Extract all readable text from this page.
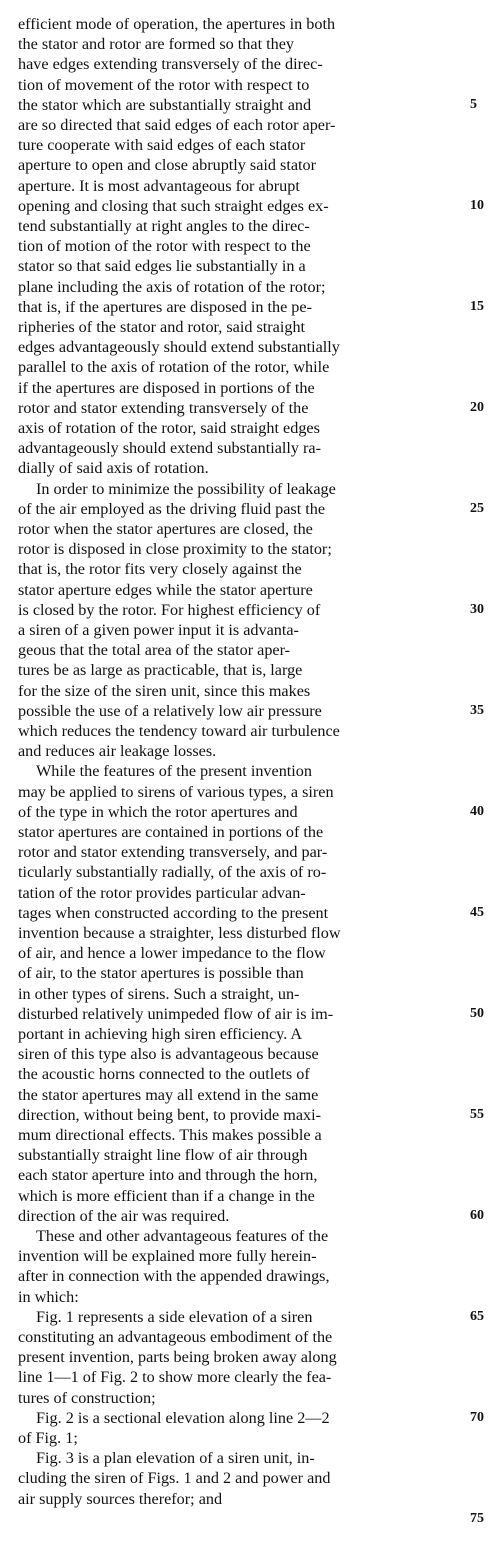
efficient mode of operation, the apertures in both
the stator and rotor are formed so that they
have edges extending transversely of the direc-
tion of movement of the rotor with respect to
the stator which are substantially straight and
are so directed that said edges of each rotor aper-
ture cooperate with said edges of each stator
aperture to open and close abruptly said stator
aperture. It is most advantageous for abrupt
opening and closing that such straight edges ex-
tend substantially at right angles to the direc-
tion of motion of the rotor with respect to the
stator so that said edges lie substantially in a
plane including the axis of rotation of the rotor;
that is, if the apertures are disposed in the pe-
ripheries of the stator and rotor, said straight
edges advantageously should extend substantially
parallel to the axis of rotation of the rotor, while
if the apertures are disposed in portions of the
rotor and stator extending transversely of the
axis of rotation of the rotor, said straight edges
advantageously should extend substantially ra-
dially of said axis of rotation.
In order to minimize the possibility of leakage
of the air employed as the driving fluid past the
rotor when the stator apertures are closed, the
rotor is disposed in close proximity to the stator;
that is, the rotor fits very closely against the
stator aperture edges while the stator aperture
is closed by the rotor. For highest efficiency of
a siren of a given power input it is advanta-
geous that the total area of the stator aper-
tures be as large as practicable, that is, large
for the size of the siren unit, since this makes
possible the use of a relatively low air pressure
which reduces the tendency toward air turbulence
and reduces air leakage losses.
While the features of the present invention
may be applied to sirens of various types, a siren
of the type in which the rotor apertures and
stator apertures are contained in portions of the
rotor and stator extending transversely, and par-
ticularly substantially radially, of the axis of ro-
tation of the rotor provides particular advan-
tages when constructed according to the present
invention because a straighter, less disturbed flow
of air, and hence a lower impedance to the flow
of air, to the stator apertures is possible than
in other types of sirens. Such a straight, un-
disturbed relatively unimpeded flow of air is im-
portant in achieving high siren efficiency. A
siren of this type also is advantageous because
the acoustic horns connected to the outlets of
the stator apertures may all extend in the same
direction, without being bent, to provide maxi-
mum directional effects. This makes possible a
substantially straight line flow of air through
each stator aperture into and through the horn,
which is more efficient than if a change in the
direction of the air was required.
These and other advantageous features of the
invention will be explained more fully herein-
after in connection with the appended drawings,
in which:
Fig. 1 represents a side elevation of a siren
constituting an advantageous embodiment of the
present invention, parts being broken away along
line 1—1 of Fig. 2 to show more clearly the fea-
tures of construction;
Fig. 2 is a sectional elevation along line 2—2
of Fig. 1;
Fig. 3 is a plan elevation of a siren unit, in-
cluding the siren of Figs. 1 and 2 and power and
air supply sources therefor; and
5
10
15
20
25
30
35
40
45
50
55
60
65
70
75
